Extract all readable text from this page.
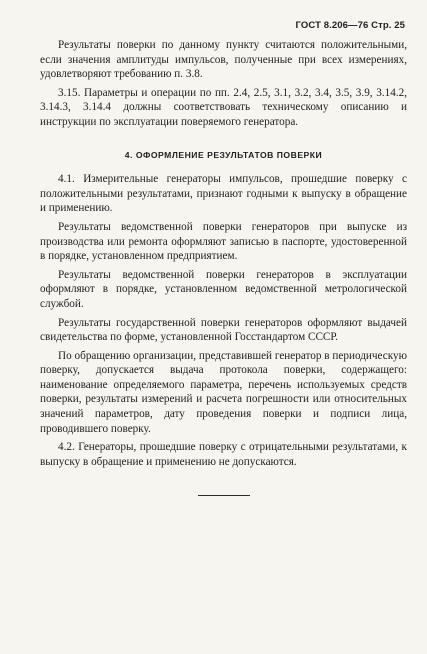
ГОСТ 8.206—76 Стр. 25

Результаты поверки по данному пункту считаются положительными, если значения амплитуды импульсов, полученные при всех измерениях, удовлетворяют требованию п. 3.8.

3.15. Параметры и операции по пп. 2.4, 2.5, 3.1, 3.2, 3.4, 3.5, 3.9, 3.14.2, 3.14.3, 3.14.4 должны соответствовать техническому описанию и инструкции по эксплуатации поверяемого генератора.

4. ОФОРМЛЕНИЕ РЕЗУЛЬТАТОВ ПОВЕРКИ

4.1. Измерительные генераторы импульсов, прошедшие поверку с положительными результатами, признают годными к выпуску в обращение и применению.

Результаты ведомственной поверки генераторов при выпуске из производства или ремонта оформляют записью в паспорте, удостоверенной в порядке, установленном предприятием.

Результаты ведомственной поверки генераторов в эксплуатации оформляют в порядке, установленном ведомственной метрологической службой.

Результаты государственной поверки генераторов оформляют выдачей свидетельства по форме, установленной Госстандартом СССР.

По обращению организации, представившей генератор в периодическую поверку, допускается выдача протокола поверки, содержащего: наименование определяемого параметра, перечень используемых средств поверки, результаты измерений и расчета погрешности или относительных значений параметров, дату проведения поверки и подписи лица, проводившего поверку.

4.2. Генераторы, прошедшие поверку с отрицательными результатами, к выпуску в обращение и применению не допускаются.
